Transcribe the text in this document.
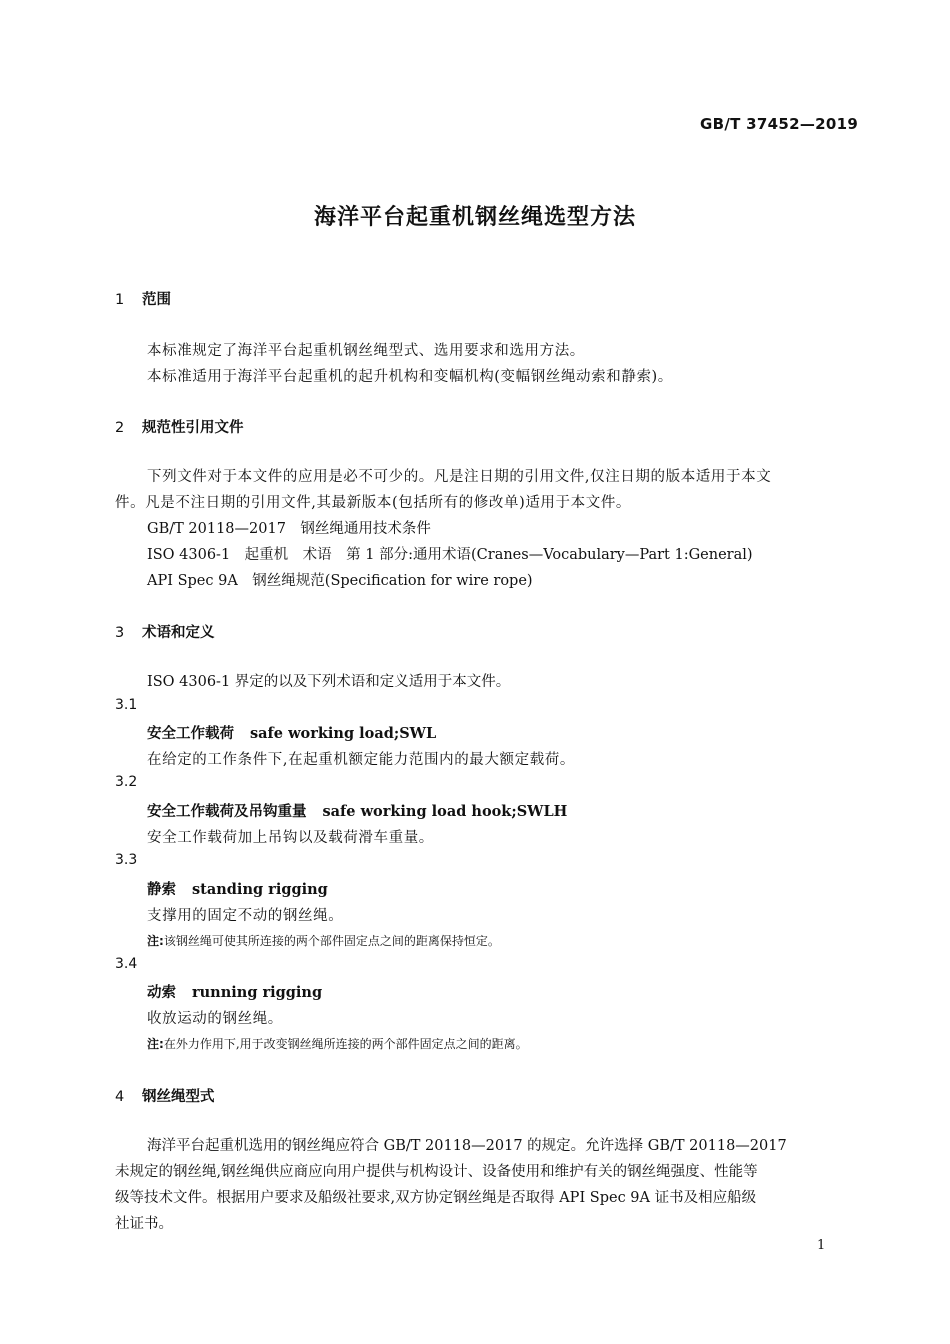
GB/T 37452—2019
海洋平台起重机钢丝绳选型方法
1 范围
本标准规定了海洋平台起重机钢丝绳型式、选用要求和选用方法。
本标准适用于海洋平台起重机的起升机构和变幅机构(变幅钢丝绳动索和静索)。
2 规范性引用文件
下列文件对于本文件的应用是必不可少的。凡是注日期的引用文件,仅注日期的版本适用于本文
件。凡是不注日期的引用文件,其最新版本(包括所有的修改单)适用于本文件。
GB/T 20118—2017　钢丝绳通用技术条件
ISO 4306-1　起重机　术语　第 1 部分:通用术语(Cranes—Vocabulary—Part 1:General)
API Spec 9A　钢丝绳规范(Specification for wire rope)
3 术语和定义
ISO 4306-1 界定的以及下列术语和定义适用于本文件。
3.1
安全工作载荷 safe working load;SWL
在给定的工作条件下,在起重机额定能力范围内的最大额定载荷。
3.2
安全工作载荷及吊钩重量 safe working load hook;SWLH
安全工作载荷加上吊钩以及载荷滑车重量。
3.3
静索 standing rigging
支撑用的固定不动的钢丝绳。
注:该钢丝绳可使其所连接的两个部件固定点之间的距离保持恒定。
3.4
动索 running rigging
收放运动的钢丝绳。
注:在外力作用下,用于改变钢丝绳所连接的两个部件固定点之间的距离。
4 钢丝绳型式
海洋平台起重机选用的钢丝绳应符合 GB/T 20118—2017 的规定。允许选择 GB/T 20118—2017
未规定的钢丝绳,钢丝绳供应商应向用户提供与机构设计、设备使用和维护有关的钢丝绳强度、性能等
级等技术文件。根据用户要求及船级社要求,双方协定钢丝绳是否取得 API Spec 9A 证书及相应船级
社证书。
1
